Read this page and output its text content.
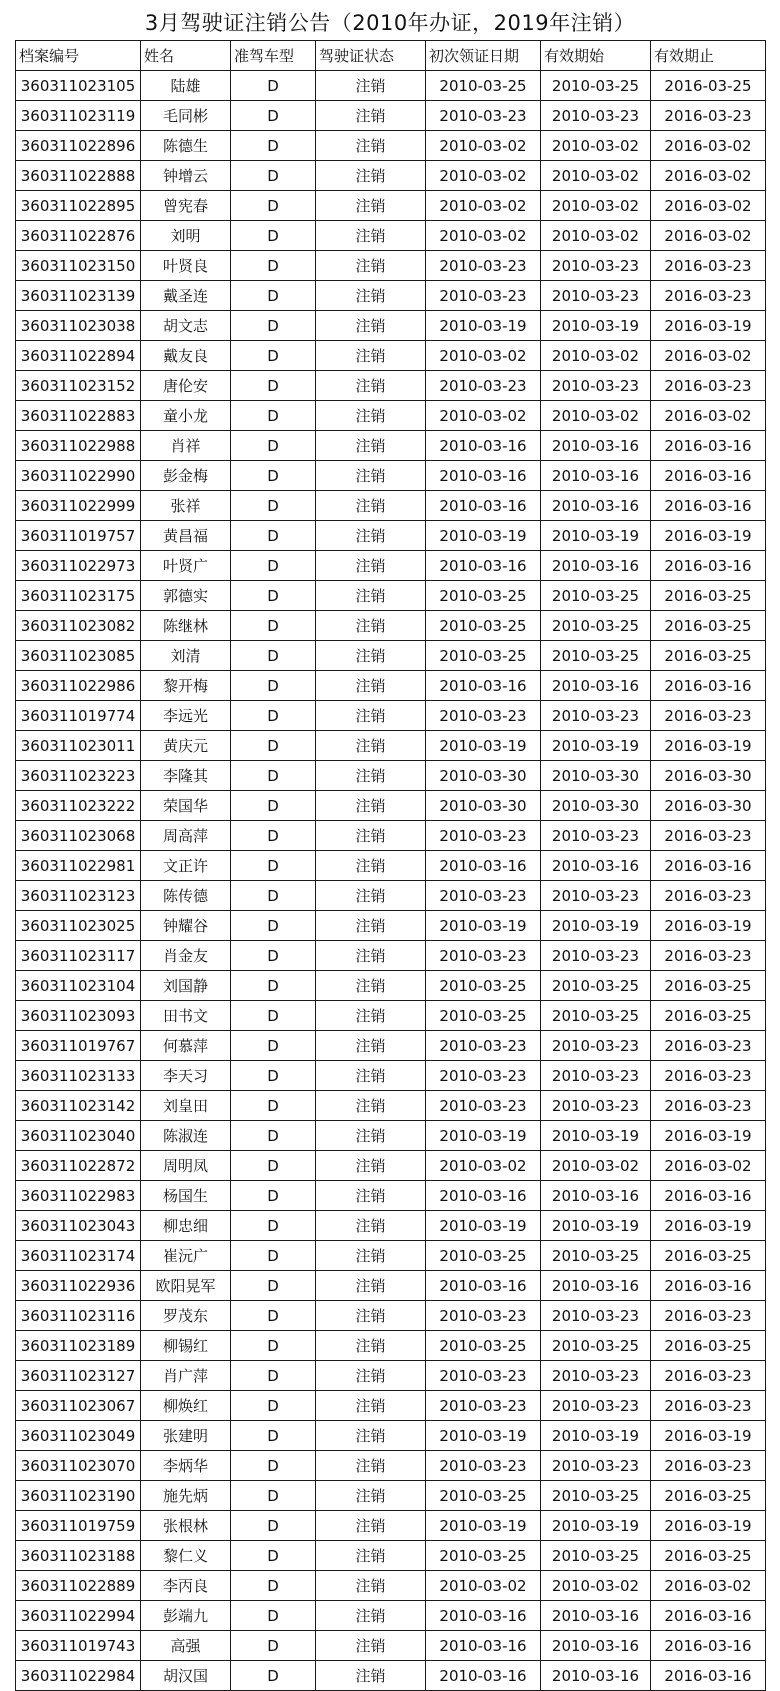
3月驾驶证注销公告（2010年办证，2019年注销）
档案编号	姓名	准驾车型	驾驶证状态	初次领证日期	有效期始	有效期止
360311023105	陆雄	D	注销	2010-03-25	2010-03-25	2016-03-25
360311023119	毛同彬	D	注销	2010-03-23	2010-03-23	2016-03-23
360311022896	陈德生	D	注销	2010-03-02	2010-03-02	2016-03-02
360311022888	钟增云	D	注销	2010-03-02	2010-03-02	2016-03-02
360311022895	曾宪春	D	注销	2010-03-02	2010-03-02	2016-03-02
360311022876	刘明	D	注销	2010-03-02	2010-03-02	2016-03-02
360311023150	叶贤良	D	注销	2010-03-23	2010-03-23	2016-03-23
360311023139	戴圣连	D	注销	2010-03-23	2010-03-23	2016-03-23
360311023038	胡文志	D	注销	2010-03-19	2010-03-19	2016-03-19
360311022894	戴友良	D	注销	2010-03-02	2010-03-02	2016-03-02
360311023152	唐伦安	D	注销	2010-03-23	2010-03-23	2016-03-23
360311022883	童小龙	D	注销	2010-03-02	2010-03-02	2016-03-02
360311022988	肖祥	D	注销	2010-03-16	2010-03-16	2016-03-16
360311022990	彭金梅	D	注销	2010-03-16	2010-03-16	2016-03-16
360311022999	张祥	D	注销	2010-03-16	2010-03-16	2016-03-16
360311019757	黄昌福	D	注销	2010-03-19	2010-03-19	2016-03-19
360311022973	叶贤广	D	注销	2010-03-16	2010-03-16	2016-03-16
360311023175	郭德实	D	注销	2010-03-25	2010-03-25	2016-03-25
360311023082	陈继林	D	注销	2010-03-25	2010-03-25	2016-03-25
360311023085	刘清	D	注销	2010-03-25	2010-03-25	2016-03-25
360311022986	黎开梅	D	注销	2010-03-16	2010-03-16	2016-03-16
360311019774	李远光	D	注销	2010-03-23	2010-03-23	2016-03-23
360311023011	黄庆元	D	注销	2010-03-19	2010-03-19	2016-03-19
360311023223	李隆其	D	注销	2010-03-30	2010-03-30	2016-03-30
360311023222	荣国华	D	注销	2010-03-30	2010-03-30	2016-03-30
360311023068	周高萍	D	注销	2010-03-23	2010-03-23	2016-03-23
360311022981	文正许	D	注销	2010-03-16	2010-03-16	2016-03-16
360311023123	陈传德	D	注销	2010-03-23	2010-03-23	2016-03-23
360311023025	钟耀谷	D	注销	2010-03-19	2010-03-19	2016-03-19
360311023117	肖金友	D	注销	2010-03-23	2010-03-23	2016-03-23
360311023104	刘国静	D	注销	2010-03-25	2010-03-25	2016-03-25
360311023093	田书文	D	注销	2010-03-25	2010-03-25	2016-03-25
360311019767	何慕萍	D	注销	2010-03-23	2010-03-23	2016-03-23
360311023133	李天习	D	注销	2010-03-23	2010-03-23	2016-03-23
360311023142	刘皇田	D	注销	2010-03-23	2010-03-23	2016-03-23
360311023040	陈淑连	D	注销	2010-03-19	2010-03-19	2016-03-19
360311022872	周明凤	D	注销	2010-03-02	2010-03-02	2016-03-02
360311022983	杨国生	D	注销	2010-03-16	2010-03-16	2016-03-16
360311023043	柳忠细	D	注销	2010-03-19	2010-03-19	2016-03-19
360311023174	崔沅广	D	注销	2010-03-25	2010-03-25	2016-03-25
360311022936	欧阳晃军	D	注销	2010-03-16	2010-03-16	2016-03-16
360311023116	罗茂东	D	注销	2010-03-23	2010-03-23	2016-03-23
360311023189	柳锡红	D	注销	2010-03-25	2010-03-25	2016-03-25
360311023127	肖广萍	D	注销	2010-03-23	2010-03-23	2016-03-23
360311023067	柳焕红	D	注销	2010-03-23	2010-03-23	2016-03-23
360311023049	张建明	D	注销	2010-03-19	2010-03-19	2016-03-19
360311023070	李炳华	D	注销	2010-03-23	2010-03-23	2016-03-23
360311023190	施先炳	D	注销	2010-03-25	2010-03-25	2016-03-25
360311019759	张根林	D	注销	2010-03-19	2010-03-19	2016-03-19
360311023188	黎仁义	D	注销	2010-03-25	2010-03-25	2016-03-25
360311022889	李丙良	D	注销	2010-03-02	2010-03-02	2016-03-02
360311022994	彭端九	D	注销	2010-03-16	2010-03-16	2016-03-16
360311019743	高强	D	注销	2010-03-16	2010-03-16	2016-03-16
360311022984	胡汉国	D	注销	2010-03-16	2010-03-16	2016-03-16
